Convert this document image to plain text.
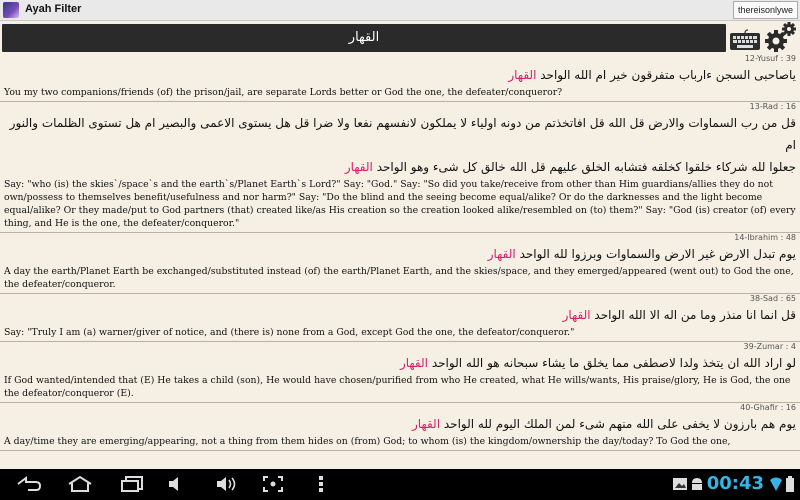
Ayah Filter	thereisonlywe
القهار
12-Yusuf : 39
ياصاحبى السجن ءارباب متفرقون خير ام الله الواحد القهار
You my two companions/friends (of) the prison/jail, are separate Lords better or God the one, the defeater/conqueror?
13-Rad : 16
قل من رب السماوات والارض قل الله قل افاتخذتم من دونه اولياء لا يملكون لانفسهم نفعا ولا ضرا قل هل يستوى الاعمى والبصير ام هل تستوى الظلمات والنور ام
جعلوا لله شركاء خلقوا كخلقه فتشابه الخلق عليهم قل الله خالق كل شىء وهو الواحد القهار
Say: "who (is) the skies`/space`s and the earth`s/Planet Earth`s Lord?" Say: "God." Say: "So did you take/receive from other than Him guardians/allies they do not own/possess to themselves benefit/usefulness and nor harm?" Say: "Do the blind and the seeing become equal/alike? Or do the darknesses and the light become equal/alike? Or they made/put to God partners (that) created like/as His creation so the creation looked alike/resembled on (to) them?" Say: "God (is) creator (of) every thing, and He is the one, the defeater/conqueror."
14-Ibrahim : 48
يوم تبدل الارض غير الارض والسماوات وبرزوا لله الواحد القهار
A day the earth/Planet Earth be exchanged/substituted instead (of) the earth/Planet Earth, and the skies/space, and they emerged/appeared (went out) to God the one, the defeater/conqueror.
38-Sad : 65
قل انما انا منذر وما من اله الا الله الواحد القهار
Say: "Truly I am (a) warner/giver of notice, and (there is) none from a God, except God the one, the defeator/conqueror."
39-Zumar : 4
لو اراد الله ان يتخذ ولدا لاصطفى مما يخلق ما يشاء سبحانه هو الله الواحد القهار
If God wanted/intended that (E) He takes a child (son), He would have chosen/purified from who He created, what He wills/wants, His praise/glory, He is God, the one the defeator/conqueror (E).
40-Ghafir : 16
يوم هم بارزون لا يخفى على الله منهم شىء لمن الملك اليوم لله الواحد القهار
A day/time they are emerging/appearing, not a thing from them hides on (from) God; to whom (is) the kingdom/ownership the day/today? To God the one,
00:43
